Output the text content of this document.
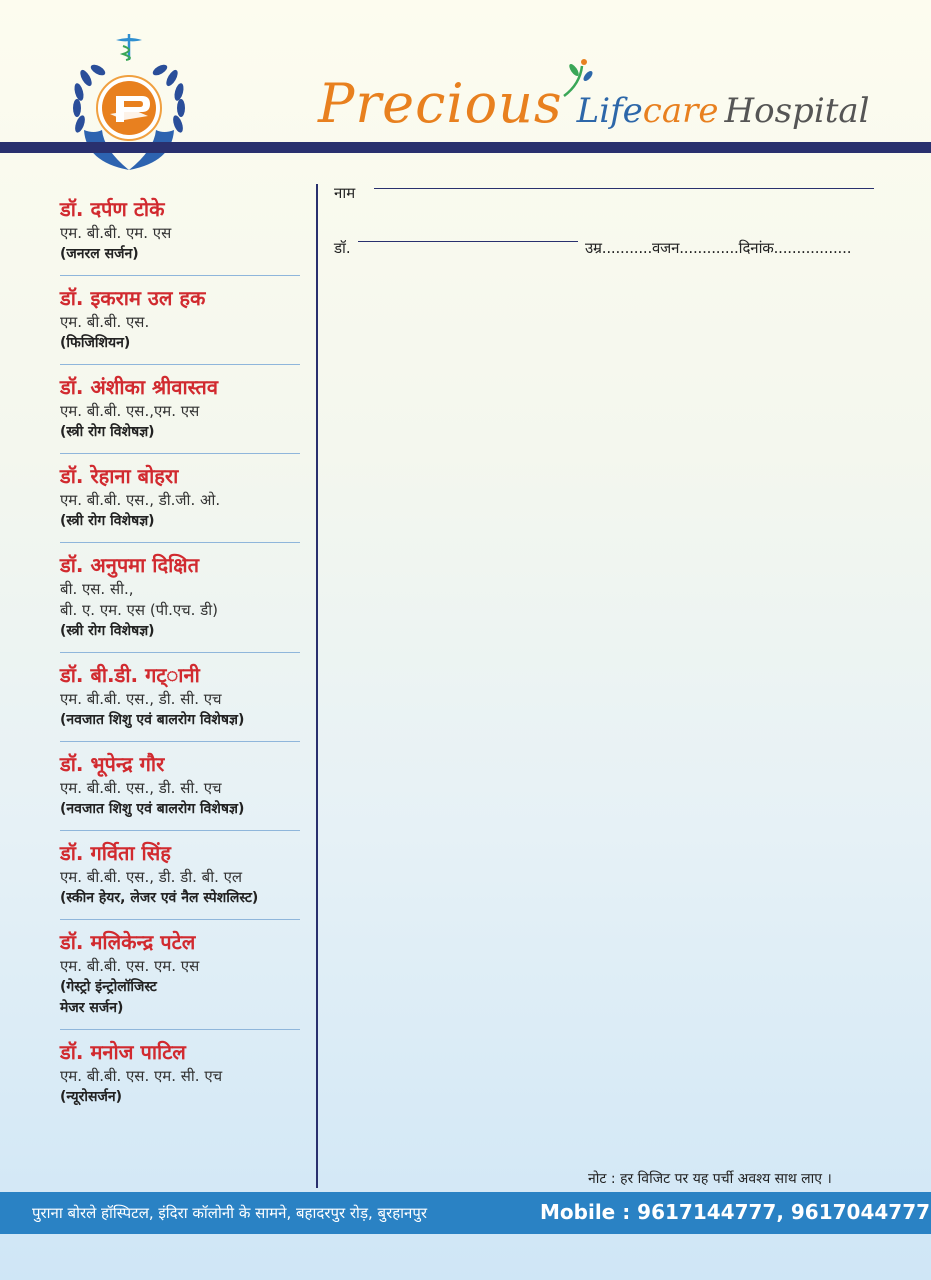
Precious Lifecare Hospital
डॉ. दर्पण टोके
एम. बी.बी. एम. एस
(जनरल सर्जन)
डॉ. इकराम उल हक
एम. बी.बी. एस.
(फिजिशियन)
डॉ. अंशीका श्रीवास्तव
एम. बी.बी. एस.,एम. एस
(स्त्री रोग विशेषज्ञ)
डॉ. रेहाना बोहरा
एम. बी.बी. एस., डी.जी. ओ.
(स्त्री रोग विशेषज्ञ)
डॉ. अनुपमा दिक्षित
बी. एस. सी.,
बी. ए. एम. एस (पी.एच. डी)
(स्त्री रोग विशेषज्ञ)
डॉ. बी.डी. गट्‌ानी
एम. बी.बी. एस., डी. सी. एच
(नवजात शिशु एवं बालरोग विशेषज्ञ)
डॉ. भूपेन्द्र गौर
एम. बी.बी. एस., डी. सी. एच
(नवजात शिशु एवं बालरोग विशेषज्ञ)
डॉ. गर्विता सिंह
एम. बी.बी. एस., डी. डी. बी. एल
(स्कीन हेयर, लेजर एवं नैल स्पेशलिस्ट)
डॉ. मलिकेन्द्र पटेल
एम. बी.बी. एस. एम. एस
(गेस्ट्रो इंन्ट्रोलॉजिस्ट
मेजर सर्जन)
डॉ. मनोज पाटिल
एम. बी.बी. एस. एम. सी. एच
(न्यूरोसर्जन)
नाम
डॉ.	उम्र...........वजन.............दिनांक.................
नोट : हर विजिट पर यह पर्ची अवश्य साथ लाए ।
पुराना बोरले हॉस्पिटल, इंदिरा कॉलोनी के सामने, बहादरपुर रोड़, बुरहानपुर	Mobile : 9617144777, 9617044777
